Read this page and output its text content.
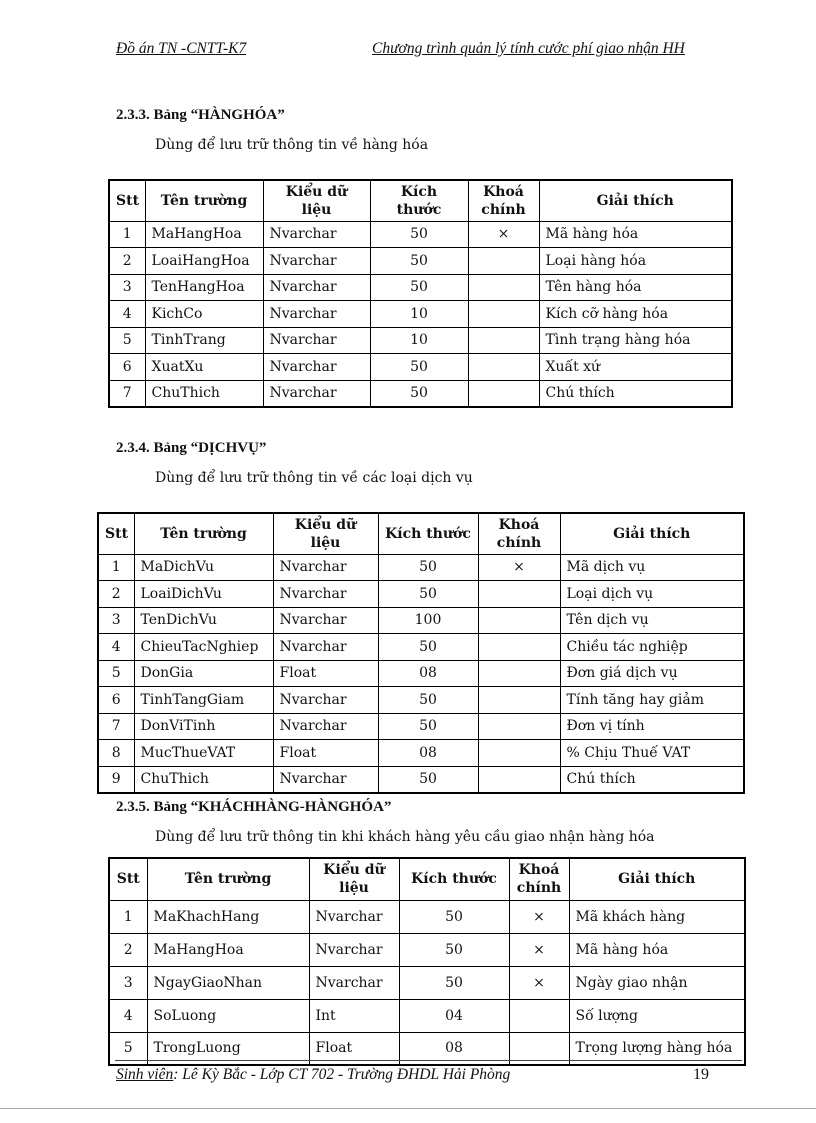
Đồ án TN -CNTT-K7	Chương trình quản lý tính cước phí giao nhận HH
2.3.3. Bảng “HÀNGHÓA”
Dùng để lưu trữ thông tin về hàng hóa
Stt	Tên trường	Kiểu dữ liệu	Kích thước	Khoá chính	Giải thích
1	MaHangHoa	Nvarchar	50	×	Mã hàng hóa
2	LoaiHangHoa	Nvarchar	50		Loại hàng hóa
3	TenHangHoa	Nvarchar	50		Tên hàng hóa
4	KichCo	Nvarchar	10		Kích cỡ hàng hóa
5	TinhTrang	Nvarchar	10		Tình trạng hàng hóa
6	XuatXu	Nvarchar	50		Xuất xứ
7	ChuThich	Nvarchar	50		Chú thích
2.3.4. Bảng “DỊCHVỤ”
Dùng để lưu trữ thông tin về các loại dịch vụ
Stt	Tên trường	Kiểu dữ liệu	Kích thước	Khoá chính	Giải thích
1	MaDichVu	Nvarchar	50	×	Mã dịch vụ
2	LoaiDichVu	Nvarchar	50		Loại dịch vụ
3	TenDichVu	Nvarchar	100		Tên dịch vụ
4	ChieuTacNghiep	Nvarchar	50		Chiều tác nghiệp
5	DonGia	Float	08		Đơn giá dịch vụ
6	TinhTangGiam	Nvarchar	50		Tính tăng hay giảm
7	DonViTinh	Nvarchar	50		Đơn vị tính
8	MucThueVAT	Float	08		% Chịu Thuế VAT
9	ChuThich	Nvarchar	50		Chú thích
2.3.5. Bảng “KHÁCHHÀNG-HÀNGHÓA”
Dùng để lưu trữ thông tin khi khách hàng yêu cầu giao nhận hàng hóa
Stt	Tên trường	Kiểu dữ liệu	Kích thước	Khoá chính	Giải thích
1	MaKhachHang	Nvarchar	50	×	Mã khách hàng
2	MaHangHoa	Nvarchar	50	×	Mã hàng hóa
3	NgayGiaoNhan	Nvarchar	50	×	Ngày giao nhận
4	SoLuong	Int	04		Số lượng
5	TrongLuong	Float	08		Trọng lượng hàng hóa
Sinh viên: Lê Kỳ Bắc - Lớp CT 702 - Trường ĐHDL Hải Phòng	19
